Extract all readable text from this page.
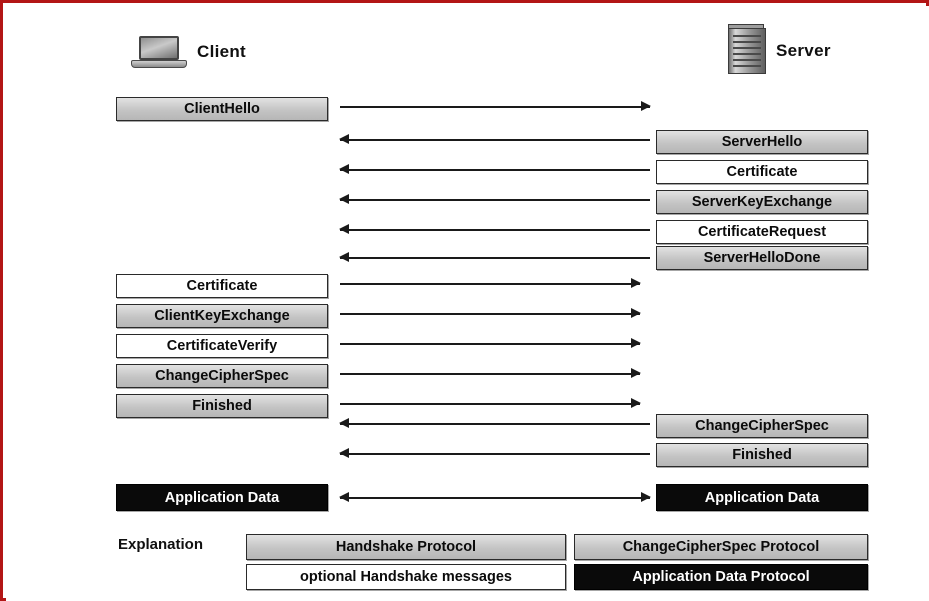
Client	Server
ClientHello
Certificate
ClientKeyExchange
CertificateVerify
ChangeCipherSpec
Finished
Application Data
ServerHello
Certificate
ServerKeyExchange
CertificateRequest
ServerHelloDone
ChangeCipherSpec
Finished
Application Data
Explanation	Handshake Protocol	ChangeCipherSpec Protocol
optional Handshake messages	Application Data Protocol
